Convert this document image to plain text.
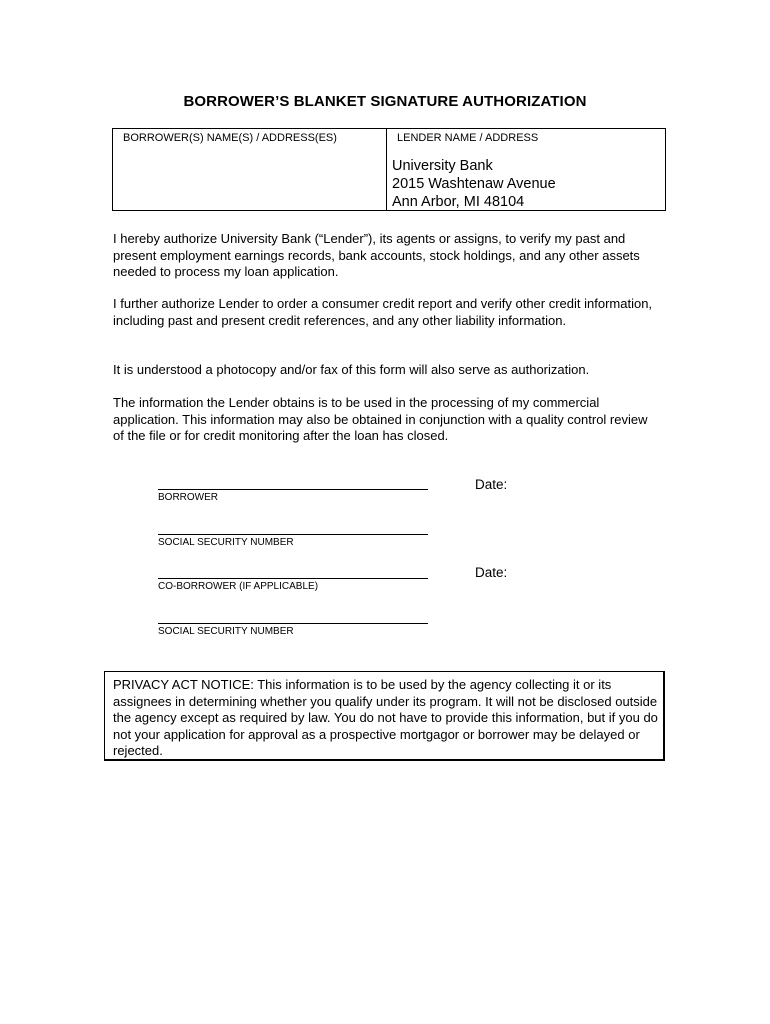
BORROWER’S BLANKET SIGNATURE AUTHORIZATION
BORROWER(S) NAME(S) / ADDRESS(ES)	LENDER NAME / ADDRESS
University Bank
2015 Washtenaw Avenue
Ann Arbor, MI 48104
I hereby authorize University Bank (“Lender”), its agents or assigns, to verify my past and present employment earnings records, bank accounts, stock holdings, and any other assets needed to process my loan application.
I further authorize Lender to order a consumer credit report and verify other credit information, including past and present credit references, and any other liability information.
It is understood a photocopy and/or fax of this form will also serve as authorization.
The information the Lender obtains is to be used in the processing of my commercial application. This information may also be obtained in conjunction with a quality control review of the file or for credit monitoring after the loan has closed.
BORROWER
Date:
SOCIAL SECURITY NUMBER
CO-BORROWER (IF APPLICABLE)
Date:
SOCIAL SECURITY NUMBER
PRIVACY ACT NOTICE: This information is to be used by the agency collecting it or its assignees in determining whether you qualify under its program. It will not be disclosed outside the agency except as required by law. You do not have to provide this information, but if you do not your application for approval as a prospective mortgagor or borrower may be delayed or rejected.
